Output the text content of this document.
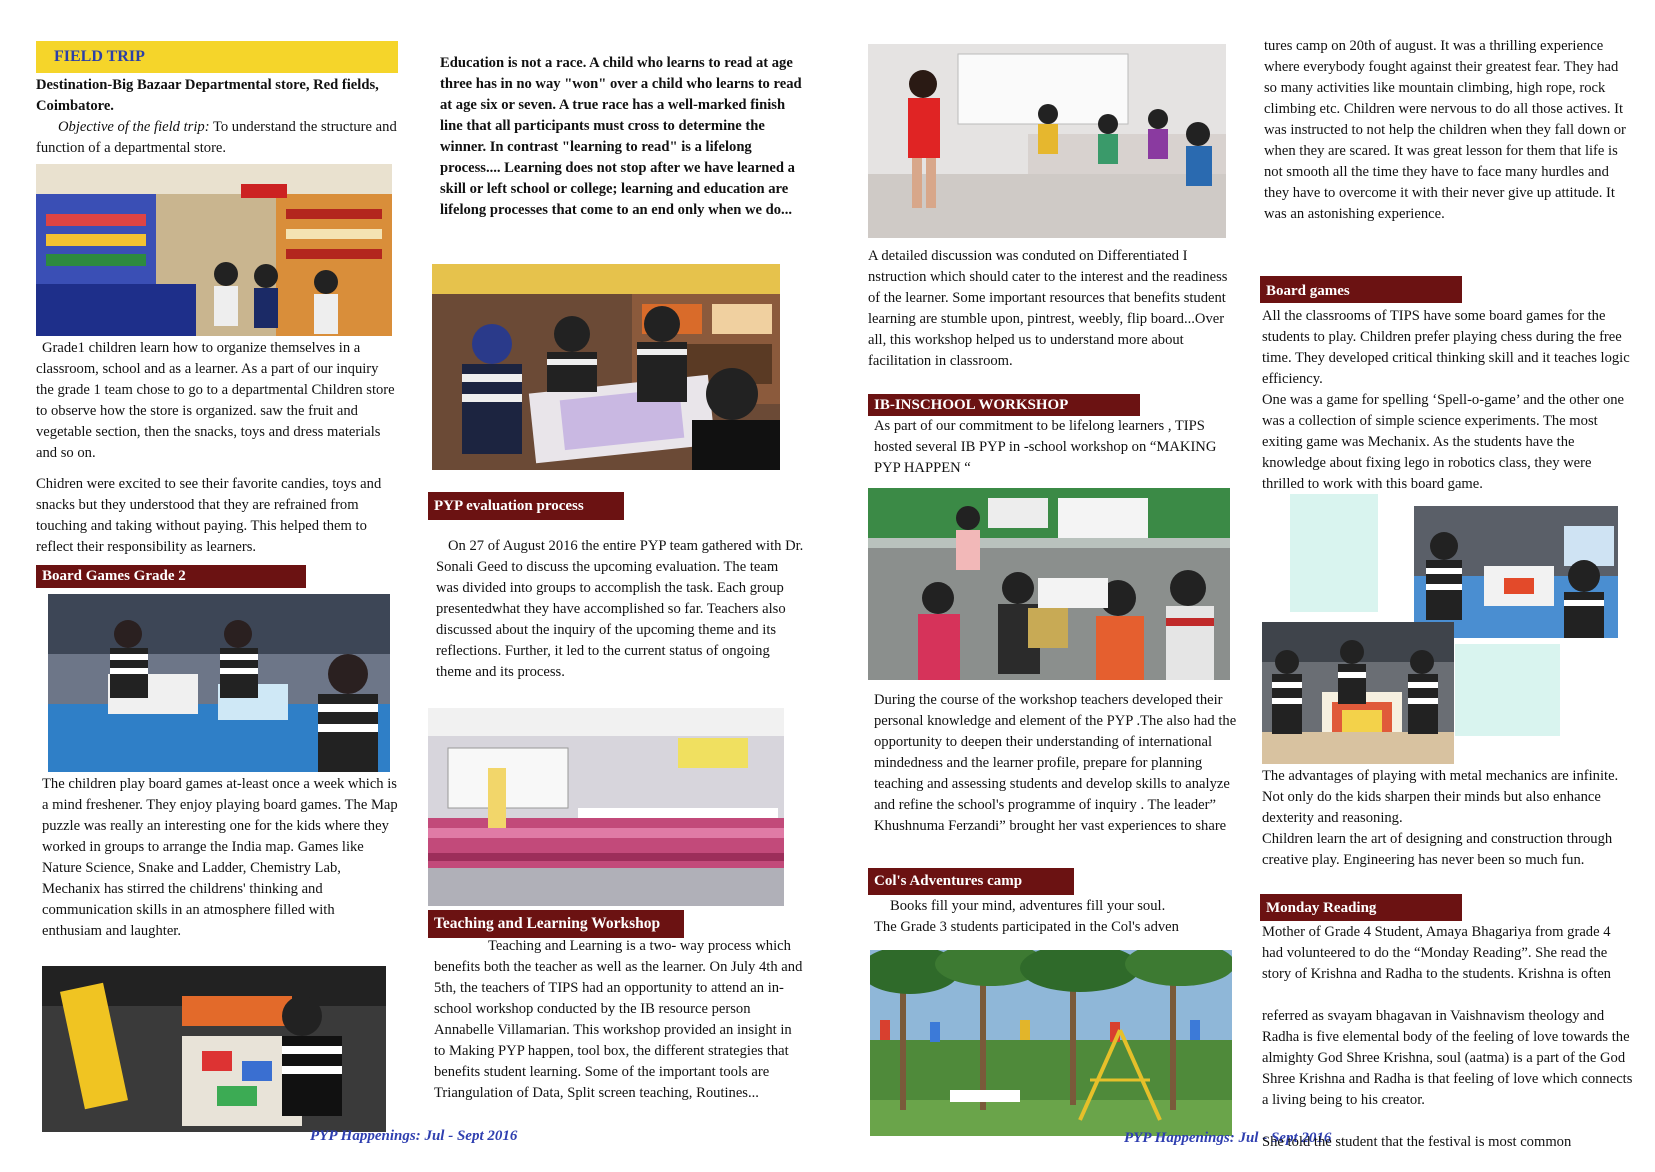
FIELD TRIP

Destination-Big Bazaar Departmental store, Red fields, Coimbatore.

Objective of the field trip: To understand the structure and function of a departmental store.

Grade1 children learn how to organize themselves in a classroom, school and as a learner. As a part of our inquiry the grade 1 team chose to go to a departmental Children store to observe how the store is organized. saw the fruit and vegetable section, then the snacks, toys and dress materials and so on.

Chidren were excited to see their favorite candies, toys and snacks but they understood that they are refrained from touching and taking without paying. This helped them to reflect their responsibility as learners.

Board Games Grade 2

The children play board games at-least once a week which is a mind freshener. They enjoy playing board games. The Map puzzle was really an interesting one for the kids where they worked in groups to arrange the India map. Games like Nature Science, Snake and Ladder, Chemistry Lab, Mechanix has stirred the childrens' thinking and communication skills in an atmosphere filled with enthusiam and laughter.

PYP Happenings: Jul - Sept 2016

Education is not a race. A child who learns to read at age three has in no way "won" over a child who learns to read at age six or seven. A true race has a well-marked finish line that all participants must cross to determine the winner. In contrast "learning to read" is a lifelong process.... Learning does not stop after we have learned a skill or left school or college; learning and education are lifelong processes that come to an end only when we do...

PYP evaluation process

On 27 of August 2016 the entire PYP team gathered with Dr. Sonali Geed to discuss the upcoming evaluation. The team was divided into groups to accomplish the task. Each group presentedwhat they have accomplished so far. Teachers also discussed about the inquiry of the upcoming theme and its reflections. Further, it led to the current status of ongoing theme and its process.

Teaching and Learning Workshop

Teaching and Learning is a two- way process which benefits both the teacher as well as the learner. On July 4th and 5th, the teachers of TIPS had an opportunity to attend an in-school workshop conducted by the IB resource person Annabelle Villamarian. This workshop provided an insight in to Making PYP happen, tool box, the different strategies that benefits student learning. Some of the important tools are Triangulation of Data, Split screen teaching, Routines...

A detailed discussion was conduted on Differentiated I nstruction which should cater to the interest and the readiness of the learner. Some important resources that benefits student learning are stumble upon, pintrest, weebly, flip board...Over all, this workshop helped us to understand more about facilitation in classroom.

IB-INSCHOOL WORKSHOP

As part of our commitment to be lifelong learners , TIPS hosted several IB PYP in -school workshop on “MAKING PYP HAPPEN “

During the course of the workshop teachers developed their personal knowledge and element of the PYP .The also had the opportunity to deepen their understanding of international mindedness and the learner profile, prepare for planning teaching and assessing students and develop skills to analyze and refine the school's programme of inquiry . The leader” Khushnuma Ferzandi” brought her vast experiences to share

Col's Adventures camp

Books fill your mind, adventures fill your soul.

The Grade 3 students participated in the Col's adven

PYP Happenings: Jul - Sept 2016

tures camp on 20th of august. It was a thrilling experience where everybody fought against their greatest fear. They had so many activities like mountain climbing, high rope, rock climbing etc. Children were nervous to do all those actives. It was instructed to not help the children when they fall down or when they are scared. It was great lesson for them that life is not smooth all the time they have to face many hurdles and they have to overcome it with their never give up attitude. It was an astonishing experience.

Board games

All the classrooms of TIPS have some board games for the students to play. Children prefer playing chess during the free time. They developed critical thinking skill and it teaches logic efficiency.

One was a game for spelling ‘Spell-o-game’ and the other one was a collection of simple science experiments. The most exiting game was Mechanix. As the students have the knowledge about fixing lego in robotics class, they were thrilled to work with this board game.

The advantages of playing with metal mechanics are infinite. Not only do the kids sharpen their minds but also enhance dexterity and reasoning.

Children learn the art of designing and construction through creative play. Engineering has never been so much fun.

Monday Reading

Mother of Grade 4 Student, Amaya Bhagariya from grade 4 had volunteered to do the “Monday Reading”. She read the story of Krishna and Radha to the students. Krishna is often

referred as svayam bhagavan in Vaishnavism theology and Radha is five elemental body of the feeling of love towards the almighty God Shree Krishna, soul (aatma) is a part of the God Shree Krishna and Radha is that feeling of love which connects a living being to his creator.

She told the student that the festival is most common
